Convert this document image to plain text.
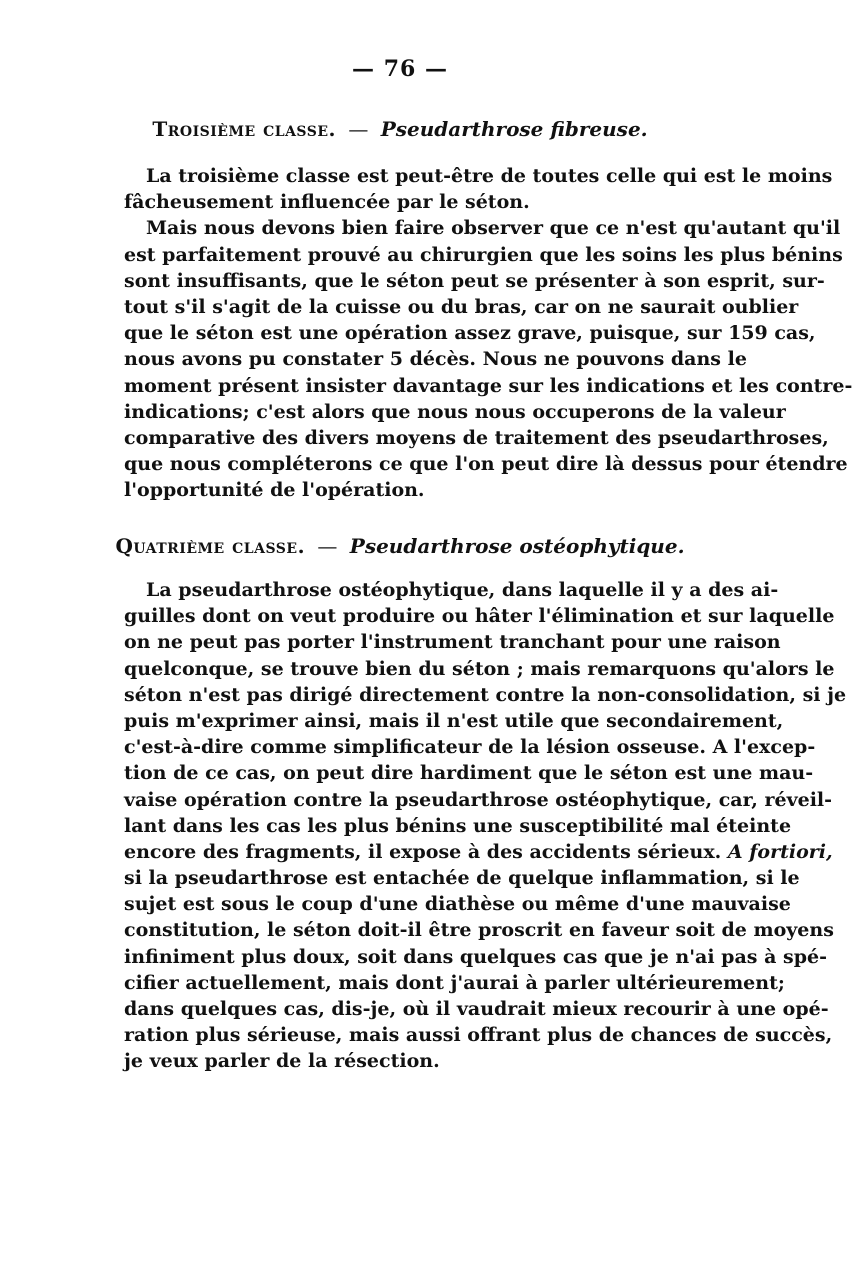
— 76 —
Troisième classe. — Pseudarthrose fibreuse.
La troisième classe est peut-être de toutes celle qui est le moins
fâcheusement influencée par le séton.
Mais nous devons bien faire observer que ce n'est qu'autant qu'il
est parfaitement prouvé au chirurgien que les soins les plus bénins
sont insuffisants, que le séton peut se présenter à son esprit, sur-
tout s'il s'agit de la cuisse ou du bras, car on ne saurait oublier
que le séton est une opération assez grave, puisque, sur 159 cas,
nous avons pu constater 5 décès. Nous ne pouvons dans le
moment présent insister davantage sur les indications et les contre-
indications; c'est alors que nous nous occuperons de la valeur
comparative des divers moyens de traitement des pseudarthroses,
que nous compléterons ce que l'on peut dire là dessus pour étendre
l'opportunité de l'opération.
Quatrième classe. — Pseudarthrose ostéophytique.
La pseudarthrose ostéophytique, dans laquelle il y a des ai-
guilles dont on veut produire ou hâter l'élimination et sur laquelle
on ne peut pas porter l'instrument tranchant pour une raison
quelconque, se trouve bien du séton ; mais remarquons qu'alors le
séton n'est pas dirigé directement contre la non-consolidation, si je
puis m'exprimer ainsi, mais il n'est utile que secondairement,
c'est-à-dire comme simplificateur de la lésion osseuse. A l'excep-
tion de ce cas, on peut dire hardiment que le séton est une mau-
vaise opération contre la pseudarthrose ostéophytique, car, réveil-
lant dans les cas les plus bénins une susceptibilité mal éteinte
encore des fragments, il expose à des accidents sérieux. A fortiori,
si la pseudarthrose est entachée de quelque inflammation, si le
sujet est sous le coup d'une diathèse ou même d'une mauvaise
constitution, le séton doit-il être proscrit en faveur soit de moyens
infiniment plus doux, soit dans quelques cas que je n'ai pas à spé-
cifier actuellement, mais dont j'aurai à parler ultérieurement;
dans quelques cas, dis-je, où il vaudrait mieux recourir à une opé-
ration plus sérieuse, mais aussi offrant plus de chances de succès,
je veux parler de la résection.
